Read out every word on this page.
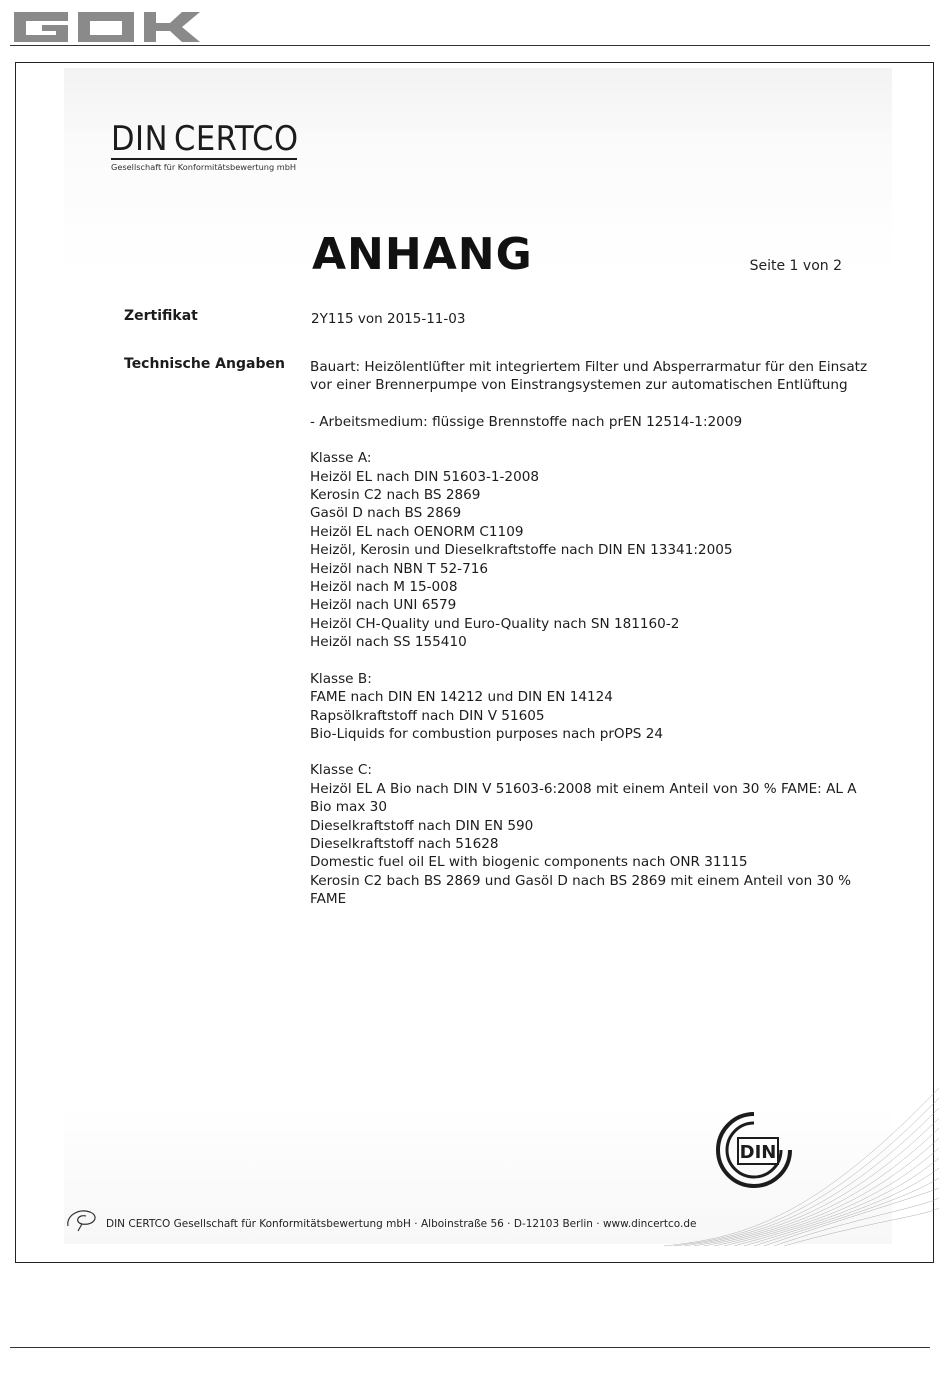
DIN CERTCO
Gesellschaft für Konformitätsbewertung mbH
ANHANG	Seite 1 von 2
Zertifikat	2Y115 von 2015-11-03
Technische Angaben Bauart: Heizölentlüfter mit integriertem Filter und Absperrarmatur für den Einsatz
vor einer Brennerpumpe von Einstrangsystemen zur automatischen Entlüftung
- Arbeitsmedium: flüssige Brennstoffe nach prEN 12514-1:2009
Klasse A:
Heizöl EL nach DIN 51603-1-2008
Kerosin C2 nach BS 2869
Gasöl D nach BS 2869
Heizöl EL nach OENORM C1109
Heizöl, Kerosin und Dieselkraftstoffe nach DIN EN 13341:2005
Heizöl nach NBN T 52-716
Heizöl nach M 15-008
Heizöl nach UNI 6579
Heizöl CH-Quality und Euro-Quality nach SN 181160-2
Heizöl nach SS 155410
Klasse B:
FAME nach DIN EN 14212 und DIN EN 14124
Rapsölkraftstoff nach DIN V 51605
Bio-Liquids for combustion purposes nach prOPS 24
Klasse C:
Heizöl EL A Bio nach DIN V 51603-6:2008 mit einem Anteil von 30 % FAME: AL A
Bio max 30
Dieselkraftstoff nach DIN EN 590
Dieselkraftstoff nach 51628
Domestic fuel oil EL with biogenic components nach ONR 31115
Kerosin C2 bach BS 2869 und Gasöl D nach BS 2869 mit einem Anteil von 30 %
FAME
DIN
DIN CERTCO Gesellschaft für Konformitätsbewertung mbH · Alboinstraße 56 · D-12103 Berlin · www.dincertco.de
